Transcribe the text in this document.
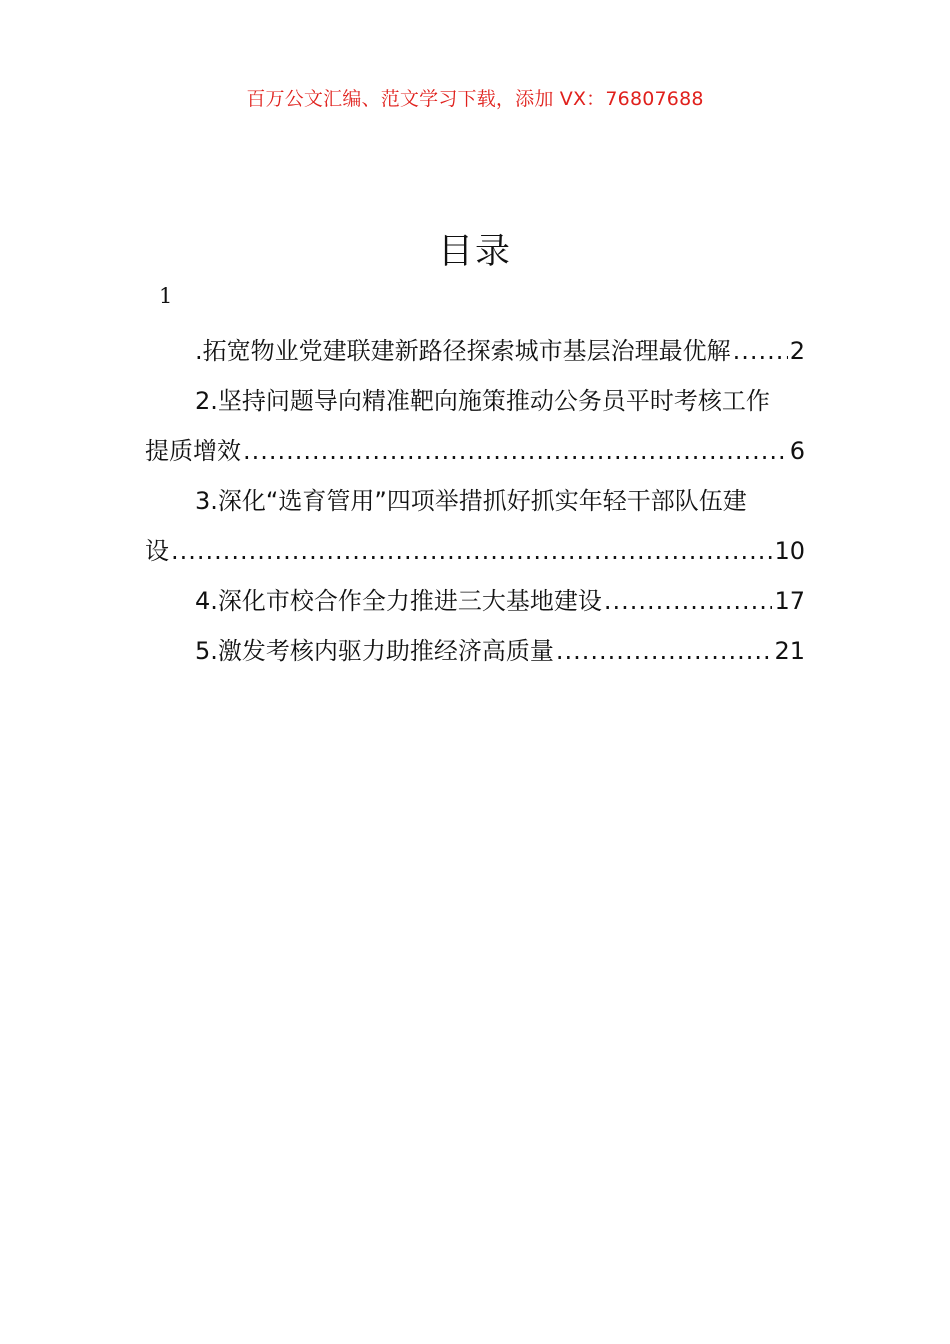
百万公文汇编、范文学习下载，添加 VX：76807688
目录
1
.拓宽物业党建联建新路径探索城市基层治理最优解 ..... 2
2.坚持问题导向精准靶向施策推动公务员平时考核工作
提质增效 .....	6
3.深化“选育管用”四项举措抓好抓实年轻干部队伍建
设 .....	10
4.深化市校合作全力推进三大基地建设 .....	17
5.激发考核内驱力助推经济高质量 .....	21
